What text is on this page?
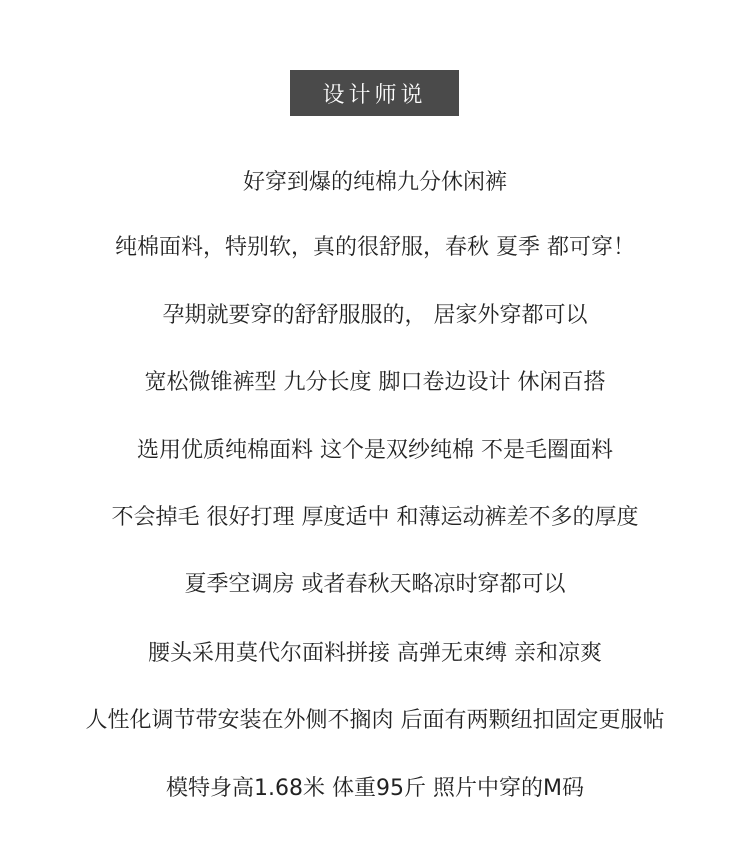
设计师说
好穿到爆的纯棉九分休闲裤
纯棉面料，特别软，真的很舒服，春秋 夏季 都可穿！
孕期就要穿的舒舒服服的， 居家外穿都可以
宽松微锥裤型 九分长度 脚口卷边设计 休闲百搭
选用优质纯棉面料 这个是双纱纯棉 不是毛圈面料
不会掉毛 很好打理 厚度适中 和薄运动裤差不多的厚度
夏季空调房 或者春秋天略凉时穿都可以
腰头采用莫代尔面料拼接 高弹无束缚 亲和凉爽
人性化调节带安装在外侧不搁肉 后面有两颗纽扣固定更服帖
模特身高1.68米 体重95斤 照片中穿的M码
